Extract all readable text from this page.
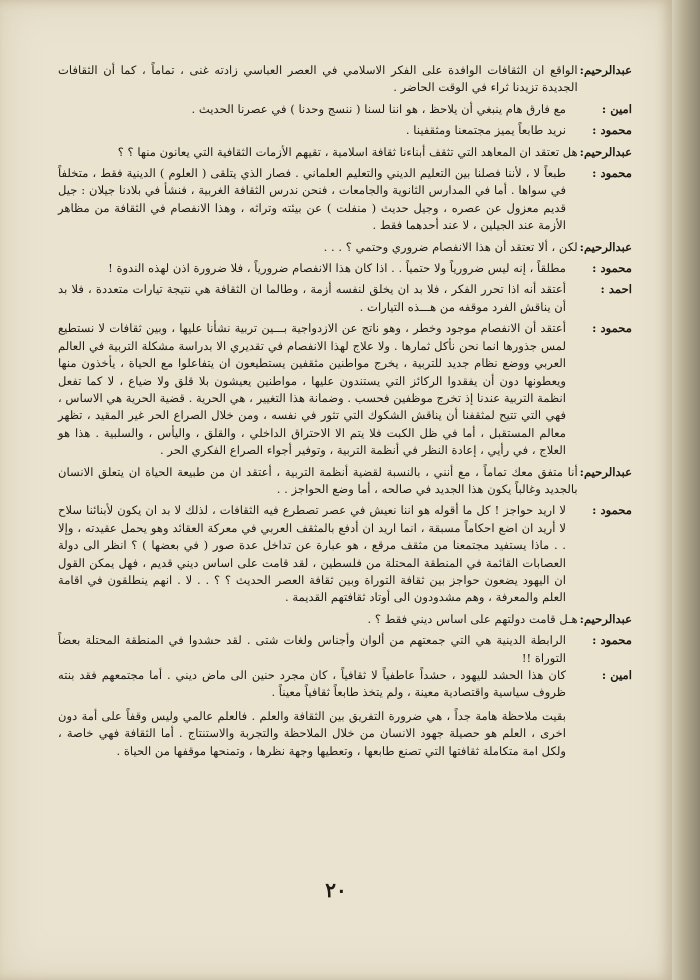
عبدالرحيم:
الواقع ان الثقافات الوافدة على الفكر الاسلامي في العصر العباسي زادته غنى ، تماماً ، كما أن الثقافات الجديدة تزيدنا ثراء في الوقت الحاضر .
امين :
مع فارق هام ينبغي أن يلاحظ ، هو اننا لسنا ( ننسج وحدنا ) في عصرنا الحديث .
محمود :
نريد طابعاً يميز مجتمعنا ومثقفينا .
عبدالرحيم:
هل تعتقد ان المعاهد التي تثقف أبناءنا ثقافة اسلامية ، تقيهم الأزمات الثقافية التي يعانون منها ؟ ؟
محمود :
طبعاً لا ، لأننا فصلنا بين التعليم الديني والتعليم العلماني . فصار الذي يتلقى ( العلوم ) الدينية فقط ، متخلفاً في سواها . أما في المدارس الثانوية والجامعات ، فنحن ندرس الثقافة الغربية ، فنشأ في بلادنا جيلان : جيل قديم معزول عن عصره ، وجيل حديث ( منفلت ) عن بيئته وتراثه ، وهذا الانفصام في الثقافة من مظاهر الأزمة عند الجيلين ، لا عند أحدهما فقط .
عبدالرحيم:
لكن ، ألا تعتقد أن هذا الانفصام ضروري وحتمي ؟ . . .
محمود :
مطلقاً ، إنه ليس ضرورياً ولا حتمياً . . اذا كان هذا الانفصام ضرورياً ، فلا ضرورة اذن لهذه الندوة !
احمد :
أعتقد أنه اذا تحرر الفكر ، فلا بد ان يخلق لنفسه أزمة ، وطالما ان الثقافة هي نتيجة تيارات متعددة ، فلا بد أن يناقش الفرد موقفه من هـــذه التيارات .
محمود :
أعتقد أن الانفصام موجود وخطر ، وهو ناتج عن الازدواجية بـــين تربية نشأنا عليها ، وبين ثقافات لا نستطيع لمس جذورها انما نحن نأكل ثمارها . ولا علاج لهذا الانفصام في تقديري الا بدراسة مشكلة التربية في العالم العربي ووضع نظام جديد للتربية ، يخرج مواطنين مثقفين يستطيعون ان يتفاعلوا مع الحياة ، يأخذون منها ويعطونها دون أن يفقدوا الركائز التي يستندون عليها ، مواطنين يعيشون بلا قلق ولا ضياع ، لا كما تفعل انظمة التربية عندنا إذ تخرج موظفين فحسب . وضمانة هذا التغيير ، هي الحرية . قضية الحرية هي الاساس ، فهي التي تتيح لمثقفنا أن يناقش الشكوك التي تثور في نفسه ، ومن خلال الصراع الحر غير المقيد ، تظهر معالم المستقبل ، أما في ظل الكبت فلا يتم الا الاحتراق الداخلي ، والقلق ، واليأس ، والسلبية . هذا هو العلاج ، في رأيي ، إعادة النظر في أنظمة التربية ، وتوفير أجواء الصراع الفكري الحر .
عبدالرحيم:
أنا متفق معك تماماً ، مع أنني ، بالنسبة لقضية أنظمة التربية ، أعتقد ان من طبيعة الحياة ان يتعلق الانسان بالجديد وغالباً يكون هذا الجديد في صالحه ، أما وضع الحواجز . .
محمود :

لا اريد حواجز ! كل ما أقوله هو اننا نعيش في عصر تصطرع فيه الثقافات ، لذلك لا بد ان يكون لأبنائنا سلاح لا أريد ان اضع احكاماً مسبقة ، انما اريد ان أدفع بالمثقف العربي في معركة العقائد وهو يحمل عقيدته ، وإلا . . ماذا يستفيد مجتمعنا من مثقف مرقع ، هو عبارة عن تداخل عدة صور ( في بعضها ) ؟ انظر الى دولة العصابات القائمة في المنطقة المحتلة من فلسطين ، لقد قامت على اساس ديني قديم ، فهل يمكن القول ان اليهود يضعون حواجز بين ثقافة التوراة وبين ثقافة العصر الحديث ؟ ؟ . . لا . انهم ينطلقون في اقامة العلم والمعرفة ، وهم مشدودون الى أوتاد ثقافتهم القديمة .

عبدالرحيم:
هـل قامت دولتهم على اساس ديني فقط ؟ .
محمود :
الرابطة الدينية هي التي جمعتهم من ألوان وأجناس ولغات شتى . لقد حشدوا في المنطقة المحتلة بعضاً التوراة !!
امين :

كان هذا الحشد لليهود ، حشداً عاطفياً لا ثقافياً ، كان مجرد حنين الى ماض ديني . أما مجتمعهم فقد بنته ظروف سياسية واقتصادية معينة ، ولم يتخذ طابعاً ثقافياً معيناً .

بقيت ملاحظة هامة جداً ، هي ضرورة التفريق بين الثقافة والعلم . فالعلم عالمي وليس وقفاً على أمة دون اخرى ، العلم هو حصيلة جهود الانسان من خلال الملاحظة والتجربة والاستنتاج . أما الثقافة فهي خاصة ، ولكل امة متكاملة ثقافتها التي تصنع طابعها ، وتعطيها وجهة نظرها ، وتمنحها موقفها من الحياة .

٢٠
